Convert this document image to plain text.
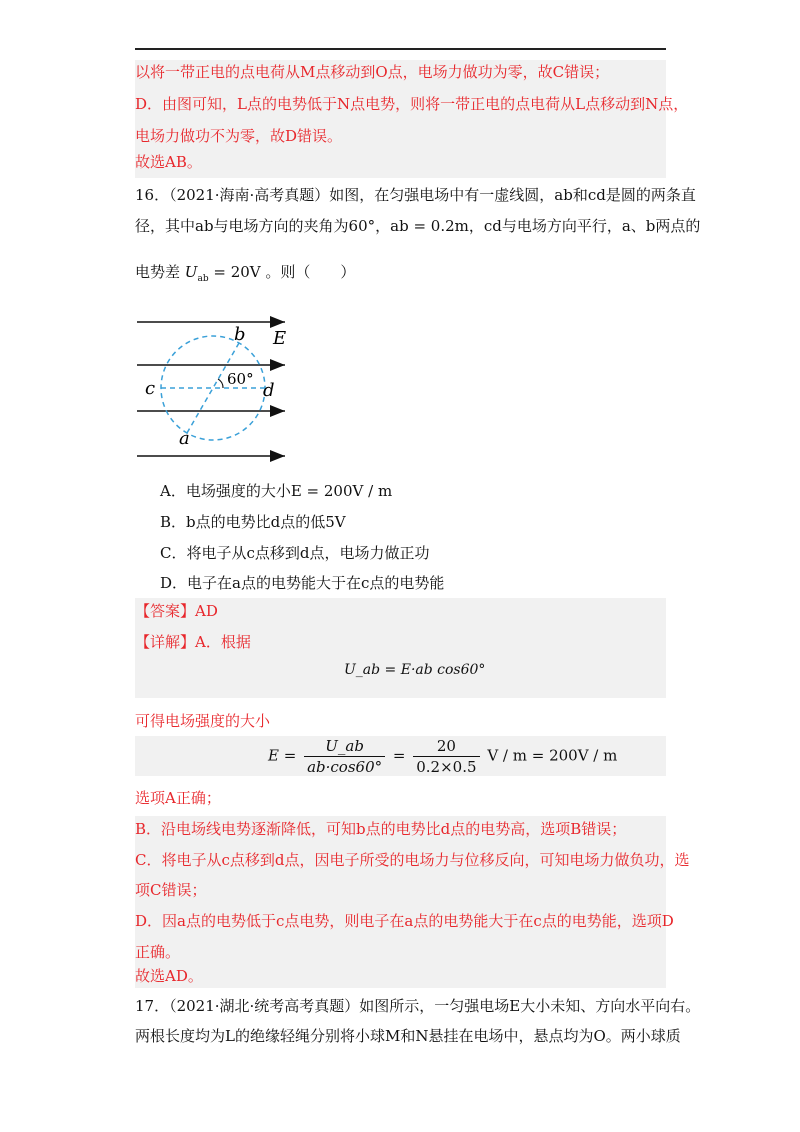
以将一带正电的点电荷从M点移动到O点，电场力做功为零，故C错误；
D．由图可知，L点的电势低于N点电势，则将一带正电的点电荷从L点移动到N点，
电场力做功不为零，故D错误。
故选AB。
16．（2021·海南·高考真题）如图，在匀强电场中有一虚线圆，ab和cd是圆的两条直
径，其中ab与电场方向的夹角为60°，ab = 0.2m，cd与电场方向平行，a、b两点的
电势差 $U_{ab} = 20V$ 。则（　　）
b E
c	d
a
60°
A．电场强度的大小E = 200V / m
B．b点的电势比d点的低5V
C．将电子从c点移到d点，电场力做正功
D．电子在a点的电势能大于在c点的电势能
【答案】AD
【详解】A．根据
U_ab = E·ab cos60°
可得电场强度的大小
$E = \frac{U\_ab}{ab\cdot\cos 60^\circ} = \frac{20}{0.2\times 0.5}$ V / m = 200V / m
选项A正确；
B．沿电场线电势逐渐降低，可知b点的电势比d点的电势高，选项B错误；
C．将电子从c点移到d点，因电子所受的电场力与位移反向，可知电场力做负功，选
项C错误；
D．因a点的电势低于c点电势，则电子在a点的电势能大于在c点的电势能，选项D
正确。
故选AD。
17．（2021·湖北·统考高考真题）如图所示，一匀强电场E大小未知、方向水平向右。
两根长度均为L的绝缘轻绳分别将小球M和N悬挂在电场中，悬点均为O。两小球质
